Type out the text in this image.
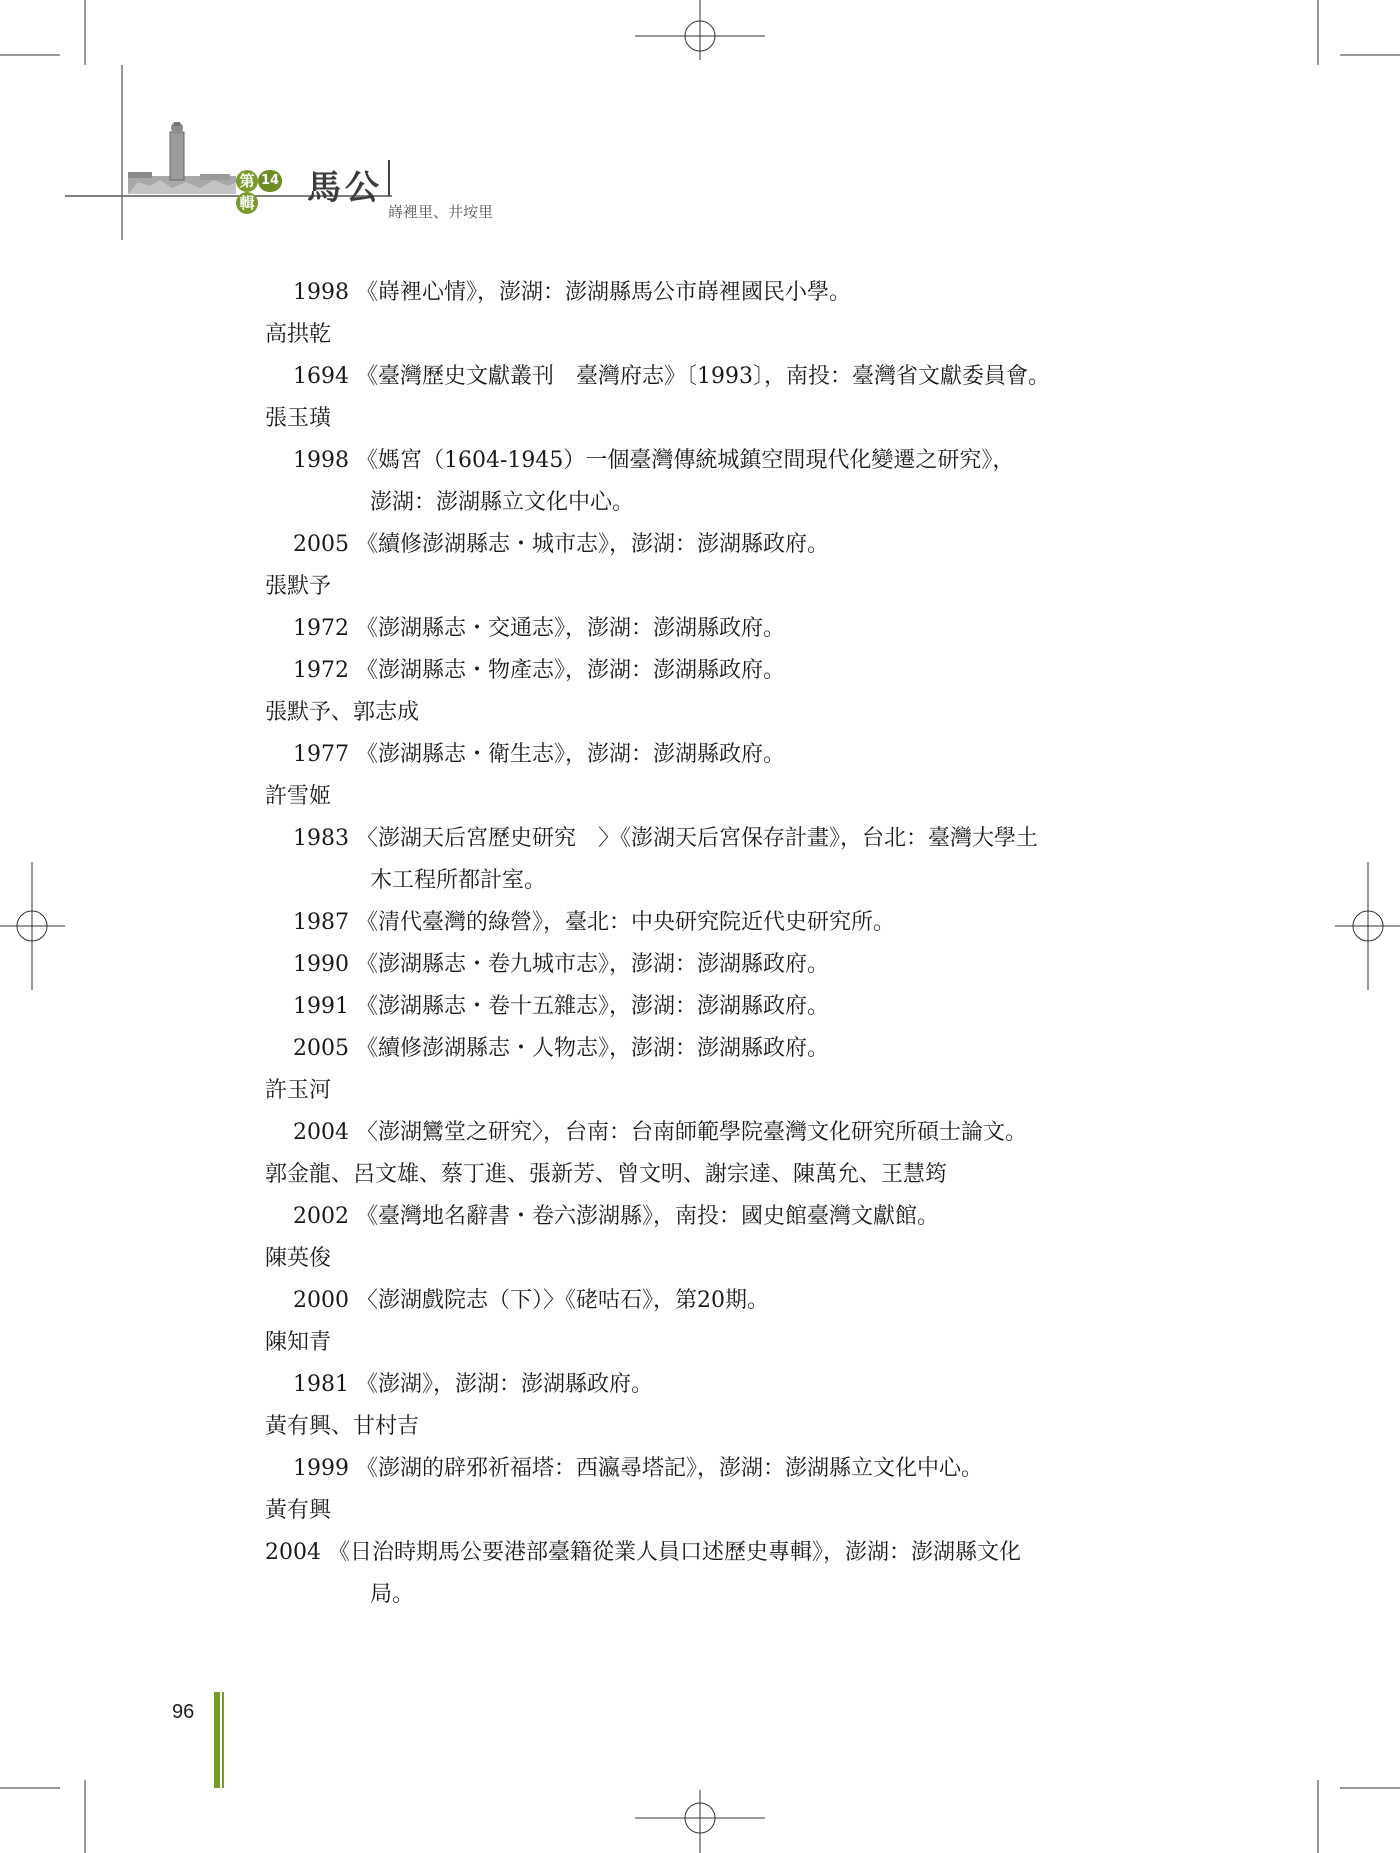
第 14輯	馬公
嵵裡里、井垵里
1998 《嵵裡心情》，澎湖：澎湖縣馬公市嵵裡國民小學。
高拱乾
1694 《臺灣歷史文獻叢刊　臺灣府志》〔1993〕，南投：臺灣省文獻委員會。
張玉璜
1998 《媽宮（1604-1945）一個臺灣傳統城鎮空間現代化變遷之研究》，
澎湖：澎湖縣立文化中心。
2005 《續修澎湖縣志・城市志》，澎湖：澎湖縣政府。
張默予
1972 《澎湖縣志・交通志》，澎湖：澎湖縣政府。
1972 《澎湖縣志・物產志》，澎湖：澎湖縣政府。
張默予、郭志成
1977 《澎湖縣志・衛生志》，澎湖：澎湖縣政府。
許雪姬
1983 〈澎湖天后宮歷史研究　〉《澎湖天后宮保存計畫》，台北：臺灣大學土
木工程所都計室。
1987 《清代臺灣的綠營》，臺北：中央研究院近代史研究所。
1990 《澎湖縣志・卷九城市志》，澎湖：澎湖縣政府。
1991 《澎湖縣志・卷十五雜志》，澎湖：澎湖縣政府。
2005 《續修澎湖縣志・人物志》，澎湖：澎湖縣政府。
許玉河
2004 〈澎湖鸞堂之研究〉，台南：台南師範學院臺灣文化研究所碩士論文。
郭金龍、呂文雄、蔡丁進、張新芳、曾文明、謝宗達、陳萬允、王慧筠
2002 《臺灣地名辭書・卷六澎湖縣》，南投：國史館臺灣文獻館。
陳英俊
2000 〈澎湖戲院志（下）〉《硓咕石》，第20期。
陳知青
1981 《澎湖》，澎湖：澎湖縣政府。
黃有興、甘村吉
1999 《澎湖的辟邪祈福塔：西瀛尋塔記》，澎湖：澎湖縣立文化中心。
黃有興
2004 《日治時期馬公要港部臺籍從業人員口述歷史專輯》，澎湖：澎湖縣文化
局。
96
